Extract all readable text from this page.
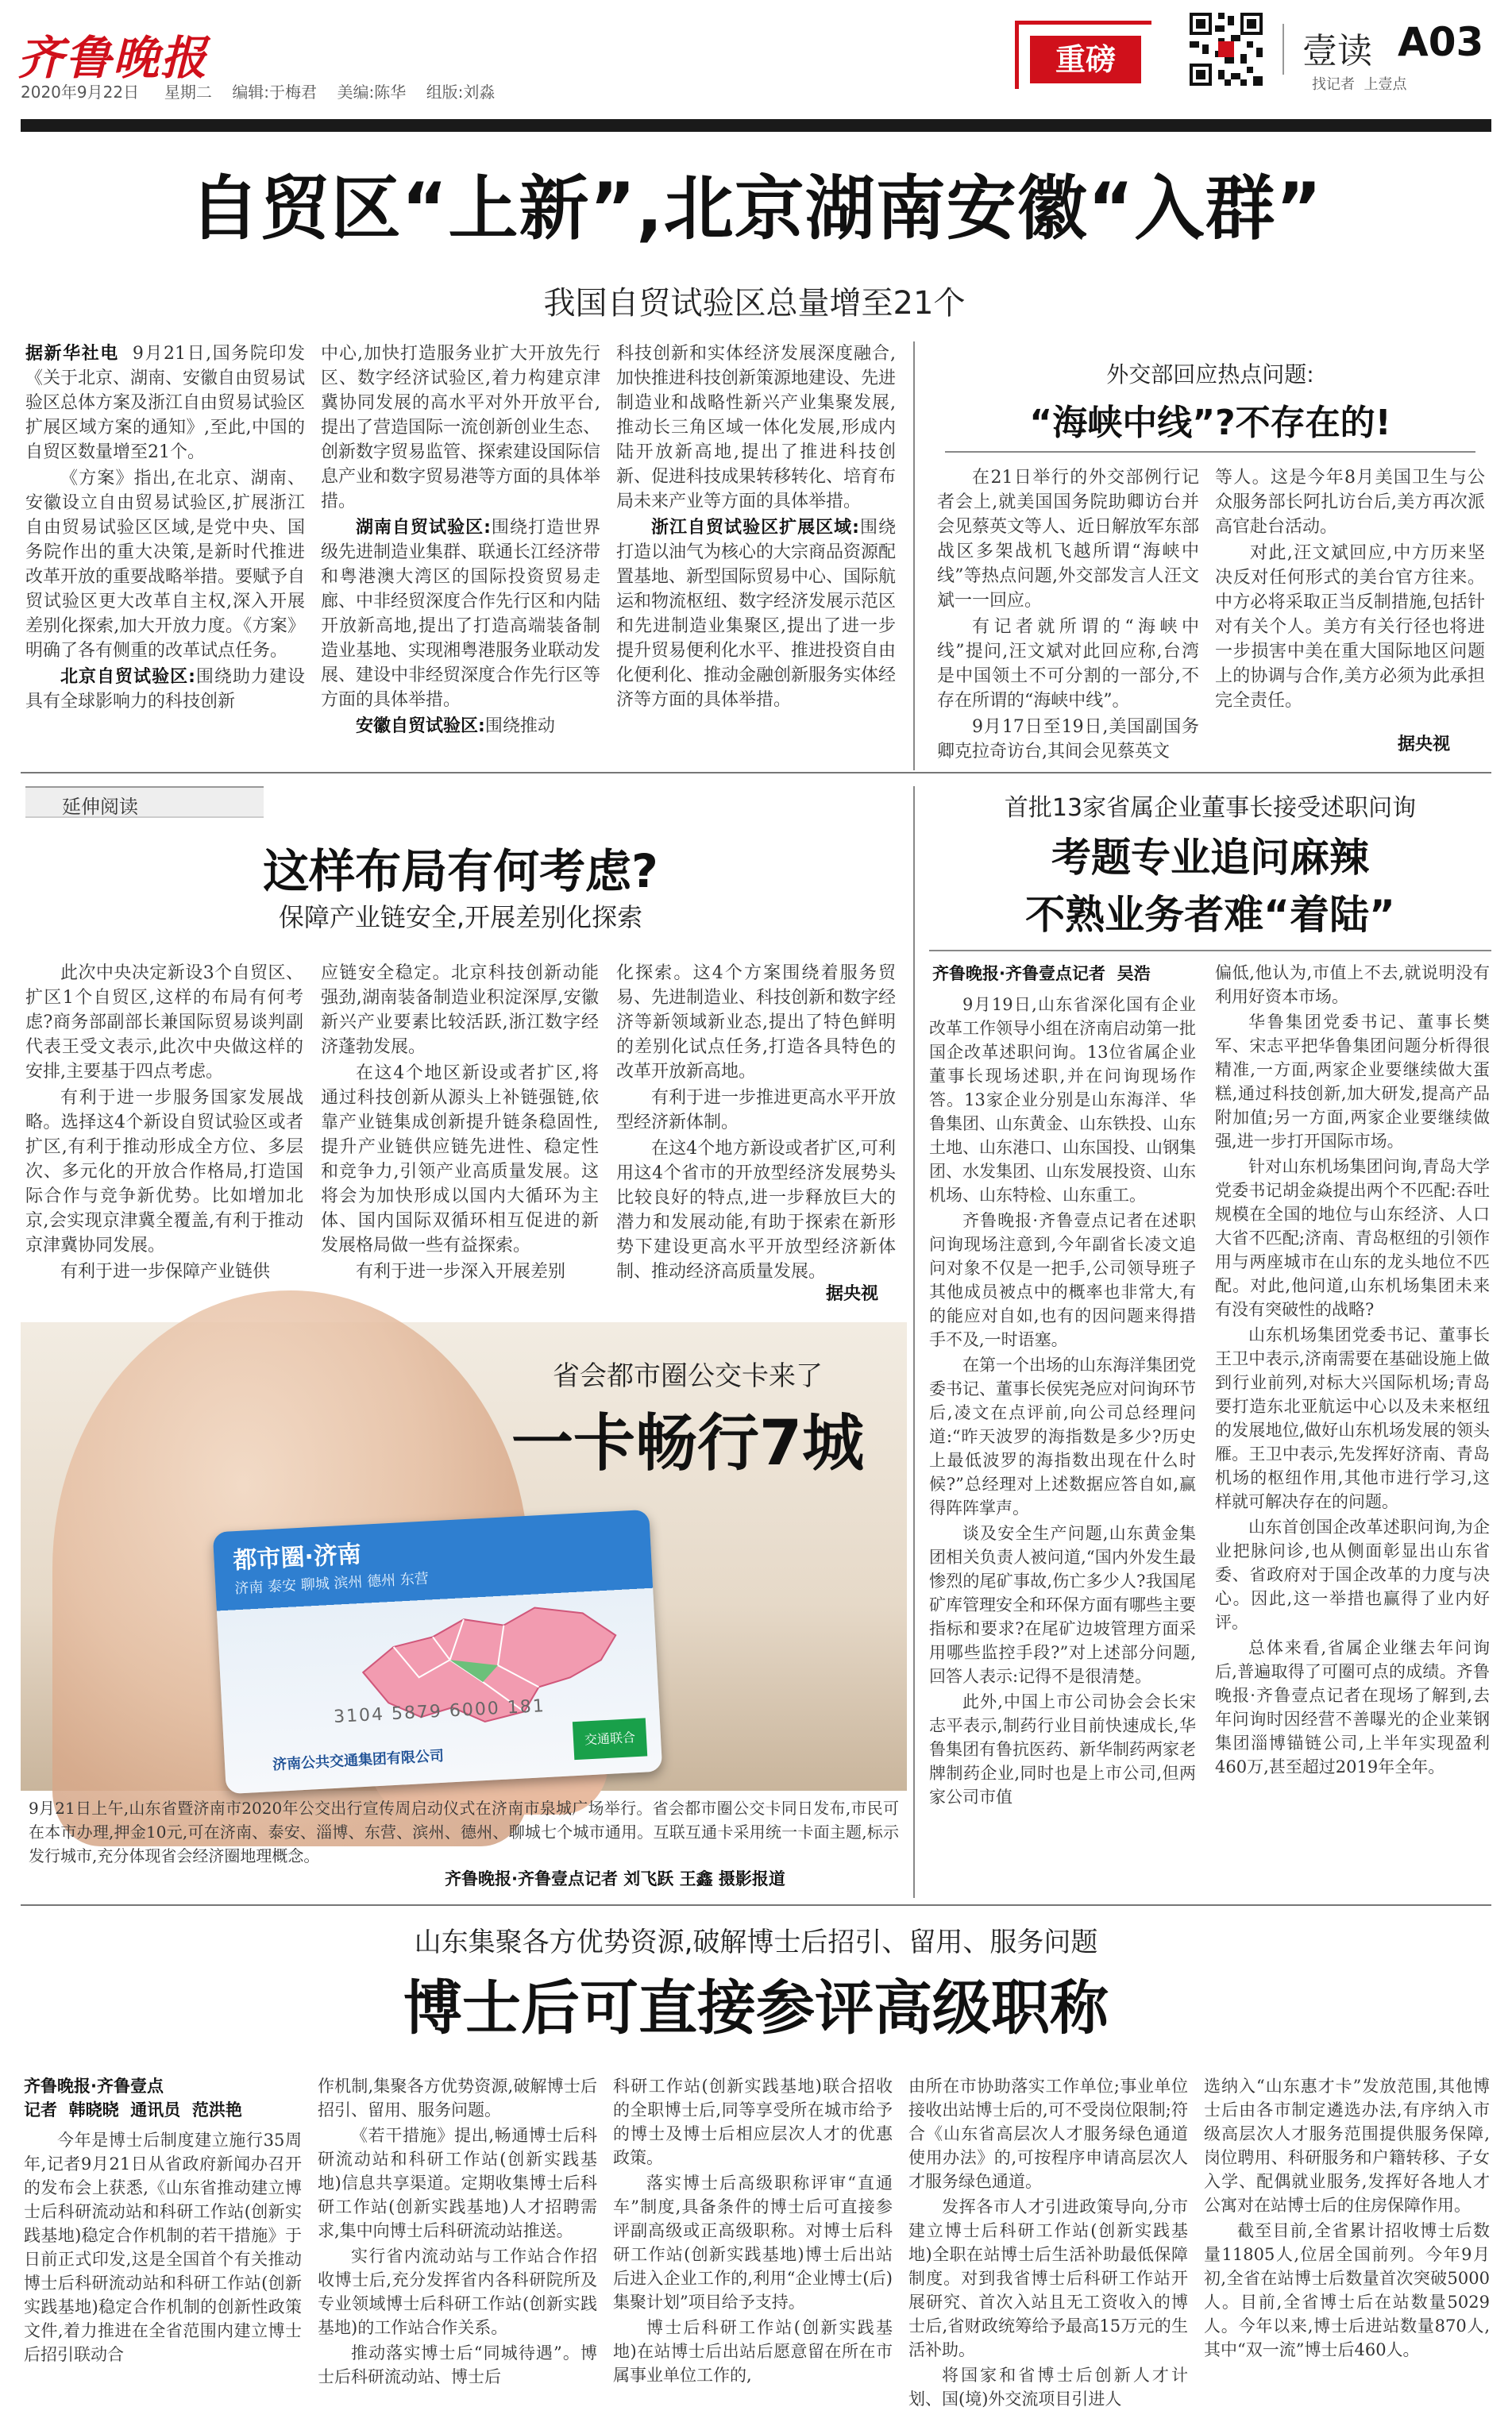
齐鲁晚报
2020年9月22日 星期二 编辑:于梅君 美编:陈华 组版:刘淼
重磅	壹读 A03
找记者  上壹点
自贸区“上新”,北京湖南安徽“入群”
我国自贸试验区总量增至21个

据新华社电 9月21日,国务院印发《关于北京、湖南、安徽自由贸易试验区总体方案及浙江自由贸易试验区扩展区域方案的通知》,至此,中国的自贸区数量增至21个。

《方案》指出,在北京、湖南、安徽设立自由贸易试验区,扩展浙江自由贸易试验区区域,是党中央、国务院作出的重大决策,是新时代推进改革开放的重要战略举措。要赋予自贸试验区更大改革自主权,深入开展差别化探索,加大开放力度。《方案》明确了各有侧重的改革试点任务。

北京自贸试验区:围绕助力建设具有全球影响力的科技创新

中心,加快打造服务业扩大开放先行区、数字经济试验区,着力构建京津冀协同发展的高水平对外开放平台,提出了营造国际一流创新创业生态、创新数字贸易监管、探索建设国际信息产业和数字贸易港等方面的具体举措。

湖南自贸试验区:围绕打造世界级先进制造业集群、联通长江经济带和粤港澳大湾区的国际投资贸易走廊、中非经贸深度合作先行区和内陆开放新高地,提出了打造高端装备制造业基地、实现湘粤港服务业联动发展、建设中非经贸深度合作先行区等方面的具体举措。

安徽自贸试验区:围绕推动

科技创新和实体经济发展深度融合,加快推进科技创新策源地建设、先进制造业和战略性新兴产业集聚发展,推动长三角区域一体化发展,形成内陆开放新高地,提出了推进科技创新、促进科技成果转移转化、培育布局未来产业等方面的具体举措。

浙江自贸试验区扩展区域:围绕打造以油气为核心的大宗商品资源配置基地、新型国际贸易中心、国际航运和物流枢纽、数字经济发展示范区和先进制造业集聚区,提出了进一步提升贸易便利化水平、推进投资自由化便利化、推动金融创新服务实体经济等方面的具体举措。

外交部回应热点问题:
“海峡中线”?不存在的!

在21日举行的外交部例行记者会上,就美国国务院助卿访台并会见蔡英文等人、近日解放军东部战区多架战机飞越所谓“海峡中线”等热点问题,外交部发言人汪文斌一一回应。

有记者就所谓的“海峡中线”提问,汪文斌对此回应称,台湾是中国领土不可分割的一部分,不存在所谓的“海峡中线”。

9月17日至19日,美国副国务卿克拉奇访台,其间会见蔡英文

等人。这是今年8月美国卫生与公众服务部长阿扎访台后,美方再次派高官赴台活动。

对此,汪文斌回应,中方历来坚决反对任何形式的美台官方往来。中方必将采取正当反制措施,包括针对有关个人。美方有关行径也将进一步损害中美在重大国际地区问题上的协调与合作,美方必须为此承担完全责任。

据央视
延伸阅读
这样布局有何考虑?
保障产业链安全,开展差别化探索

此次中央决定新设3个自贸区、扩区1个自贸区,这样的布局有何考虑?商务部副部长兼国际贸易谈判副代表王受文表示,此次中央做这样的安排,主要基于四点考虑。

有利于进一步服务国家发展战略。选择这4个新设自贸试验区或者扩区,有利于推动形成全方位、多层次、多元化的开放合作格局,打造国际合作与竞争新优势。比如增加北京,会实现京津冀全覆盖,有利于推动京津冀协同发展。

有利于进一步保障产业链供

应链安全稳定。北京科技创新动能强劲,湖南装备制造业积淀深厚,安徽新兴产业要素比较活跃,浙江数字经济蓬勃发展。

在这4个地区新设或者扩区,将通过科技创新从源头上补链强链,依靠产业链集成创新提升链条稳固性,提升产业链供应链先进性、稳定性和竞争力,引领产业高质量发展。这将会为加快形成以国内大循环为主体、国内国际双循环相互促进的新发展格局做一些有益探索。

有利于进一步深入开展差别

化探索。这4个方案围绕着服务贸易、先进制造业、科技创新和数字经济等新领域新业态,提出了特色鲜明的差别化试点任务,打造各具特色的改革开放新高地。

有利于进一步推进更高水平开放型经济新体制。

在这4个地方新设或者扩区,可利用这4个省市的开放型经济发展势头比较良好的特点,进一步释放巨大的潜力和发展动能,有助于探索在新形势下建设更高水平开放型经济新体制、推动经济高质量发展。

据央视
省会都市圈公交卡来了
一卡畅行7城
都市圈·济南
济南 泰安 聊城 滨州 德州 东营
3104 5879 6000 181
济南公共交通集团有限公司
交通联合
9月21日上午,山东省暨济南市2020年公交出行宣传周启动仪式在济南市泉城广场举行。省会都市圈公交卡同日发布,市民可在本市办理,押金10元,可在济南、泰安、淄博、东营、滨州、德州、聊城七个城市通用。互联互通卡采用统一卡面主题,标示发行城市,充分体现省会经济圈地理概念。
齐鲁晚报·齐鲁壹点记者 刘飞跃 王鑫 摄影报道
首批13家省属企业董事长接受述职问询
考题专业追问麻辣
不熟业务者难“着陆”
齐鲁晚报·齐鲁壹点记者  吴浩

9月19日,山东省深化国有企业改革工作领导小组在济南启动第一批国企改革述职问询。13位省属企业董事长现场述职,并在问询现场作答。13家企业分别是山东海洋、华鲁集团、山东黄金、山东铁投、山东土地、山东港口、山东国投、山钢集团、水发集团、山东发展投资、山东机场、山东特检、山东重工。

齐鲁晚报·齐鲁壹点记者在述职问询现场注意到,今年副省长凌文追问对象不仅是一把手,公司领导班子其他成员被点中的概率也非常大,有的能应对自如,也有的因问题来得措手不及,一时语塞。

在第一个出场的山东海洋集团党委书记、董事长侯宪尧应对问询环节后,凌文在点评前,向公司总经理问道:“昨天波罗的海指数是多少?历史上最低波罗的海指数出现在什么时候?”总经理对上述数据应答自如,赢得阵阵掌声。

谈及安全生产问题,山东黄金集团相关负责人被问道,“国内外发生最惨烈的尾矿事故,伤亡多少人?我国尾矿库管理安全和环保方面有哪些主要指标和要求?在尾矿边坡管理方面采用哪些监控手段?”对上述部分问题,回答人表示:记得不是很清楚。

此外,中国上市公司协会会长宋志平表示,制药行业目前快速成长,华鲁集团有鲁抗医药、新华制药两家老牌制药企业,同时也是上市公司,但两家公司市值

偏低,他认为,市值上不去,就说明没有利用好资本市场。

华鲁集团党委书记、董事长樊军、宋志平把华鲁集团问题分析得很精准,一方面,两家企业要继续做大蛋糕,通过科技创新,加大研发,提高产品附加值;另一方面,两家企业要继续做强,进一步打开国际市场。

针对山东机场集团问询,青岛大学党委书记胡金焱提出两个不匹配:吞吐规模在全国的地位与山东经济、人口大省不匹配;济南、青岛枢纽的引领作用与两座城市在山东的龙头地位不匹配。对此,他问道,山东机场集团未来有没有突破性的战略?

山东机场集团党委书记、董事长王卫中表示,济南需要在基础设施上做到行业前列,对标大兴国际机场;青岛要打造东北亚航运中心以及未来枢纽的发展地位,做好山东机场发展的领头雁。王卫中表示,先发挥好济南、青岛机场的枢纽作用,其他市进行学习,这样就可解决存在的问题。

山东首创国企改革述职问询,为企业把脉问诊,也从侧面彰显出山东省委、省政府对于国企改革的力度与决心。因此,这一举措也赢得了业内好评。

总体来看,省属企业继去年问询后,普遍取得了可圈可点的成绩。齐鲁晚报·齐鲁壹点记者在现场了解到,去年问询时因经营不善曝光的企业莱钢集团淄博锚链公司,上半年实现盈利460万,甚至超过2019年全年。

山东集聚各方优势资源,破解博士后招引、留用、服务问题
博士后可直接参评高级职称
齐鲁晚报·齐鲁壹点
记者  韩晓晓  通讯员  范洪艳

今年是博士后制度建立施行35周年,记者9月21日从省政府新闻办召开的发布会上获悉,《山东省推动建立博士后科研流动站和科研工作站(创新实践基地)稳定合作机制的若干措施》于日前正式印发,这是全国首个有关推动博士后科研流动站和科研工作站(创新实践基地)稳定合作机制的创新性政策文件,着力推进在全省范围内建立博士后招引联动合

作机制,集聚各方优势资源,破解博士后招引、留用、服务问题。

《若干措施》提出,畅通博士后科研流动站和科研工作站(创新实践基地)信息共享渠道。定期收集博士后科研工作站(创新实践基地)人才招聘需求,集中向博士后科研流动站推送。

实行省内流动站与工作站合作招收博士后,充分发挥省内各科研院所及专业领域博士后科研工作站(创新实践基地)的工作站合作关系。

推动落实博士后“同城待遇”。博士后科研流动站、博士后

科研工作站(创新实践基地)联合招收的全职博士后,同等享受所在城市给予的博士及博士后相应层次人才的优惠政策。

落实博士后高级职称评审“直通车”制度,具备条件的博士后可直接参评副高级或正高级职称。对博士后科研工作站(创新实践基地)博士后出站后进入企业工作的,利用“企业博士(后)集聚计划”项目给予支持。

博士后科研工作站(创新实践基地)在站博士后出站后愿意留在所在市属事业单位工作的,

由所在市协助落实工作单位;事业单位接收出站博士后的,可不受岗位限制;符合《山东省高层次人才服务绿色通道使用办法》的,可按程序申请高层次人才服务绿色通道。

发挥各市人才引进政策导向,分市建立博士后科研工作站(创新实践基地)全职在站博士后生活补助最低保障制度。对到我省博士后科研工作站开展研究、首次入站且无工资收入的博士后,省财政统筹给予最高15万元的生活补助。

将国家和省博士后创新人才计划、国(境)外交流项目引进人

选纳入“山东惠才卡”发放范围,其他博士后由各市制定遴选办法,有序纳入市级高层次人才服务范围提供服务保障,岗位聘用、科研服务和户籍转移、子女入学、配偶就业服务,发挥好各地人才公寓对在站博士后的住房保障作用。

截至目前,全省累计招收博士后数量11805人,位居全国前列。今年9月初,全省在站博士后数量首次突破5000人。目前,全省博士后在站数量5029人。今年以来,博士后进站数量870人,其中“双一流”博士后460人。
